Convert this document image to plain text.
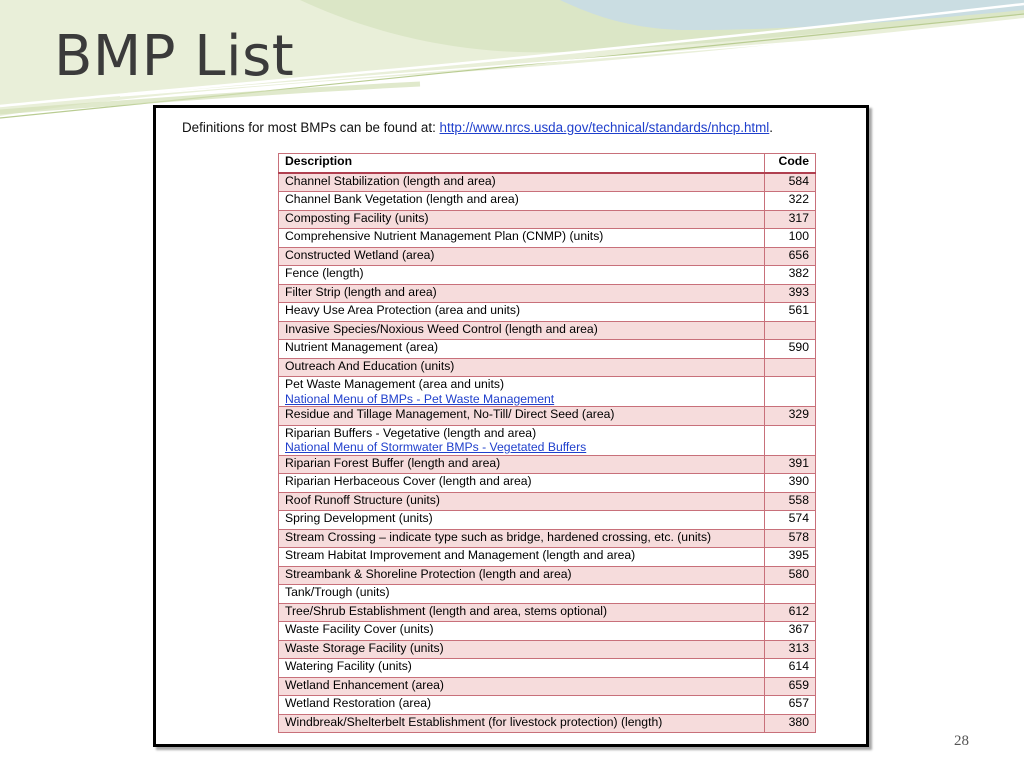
BMP List
Definitions for most BMPs can be found at: http://www.nrcs.usda.gov/technical/standards/nhcp.html.
Description	Code
Channel Stabilization (length and area)	584
Channel Bank Vegetation (length and area)	322
Composting Facility (units)	317
Comprehensive Nutrient Management Plan (CNMP) (units)	100
Constructed Wetland (area)	656
Fence (length)	382
Filter Strip (length and area)	393
Heavy Use Area Protection (area and units)	561
Invasive Species/Noxious Weed Control (length and area)	
Nutrient Management (area)	590
Outreach And Education (units)	
Pet Waste Management (area and units)
National Menu of BMPs - Pet Waste Management	
Residue and Tillage Management, No-Till/ Direct Seed (area)	329
Riparian Buffers - Vegetative (length and area)
National Menu of Stormwater BMPs - Vegetated Buffers	
Riparian Forest Buffer (length and area)	391
Riparian Herbaceous Cover (length and area)	390
Roof Runoff Structure (units)	558
Spring Development (units)	574
Stream Crossing – indicate type such as bridge, hardened crossing, etc. (units)	578
Stream Habitat Improvement and Management (length and area)	395
Streambank & Shoreline Protection (length and area)	580
Tank/Trough (units)	
Tree/Shrub Establishment (length and area, stems optional)	612
Waste Facility Cover (units)	367
Waste Storage Facility (units)	313
Watering Facility (units)	614
Wetland Enhancement (area)	659
Wetland Restoration (area)	657
Windbreak/Shelterbelt Establishment (for livestock protection) (length)	380
28
